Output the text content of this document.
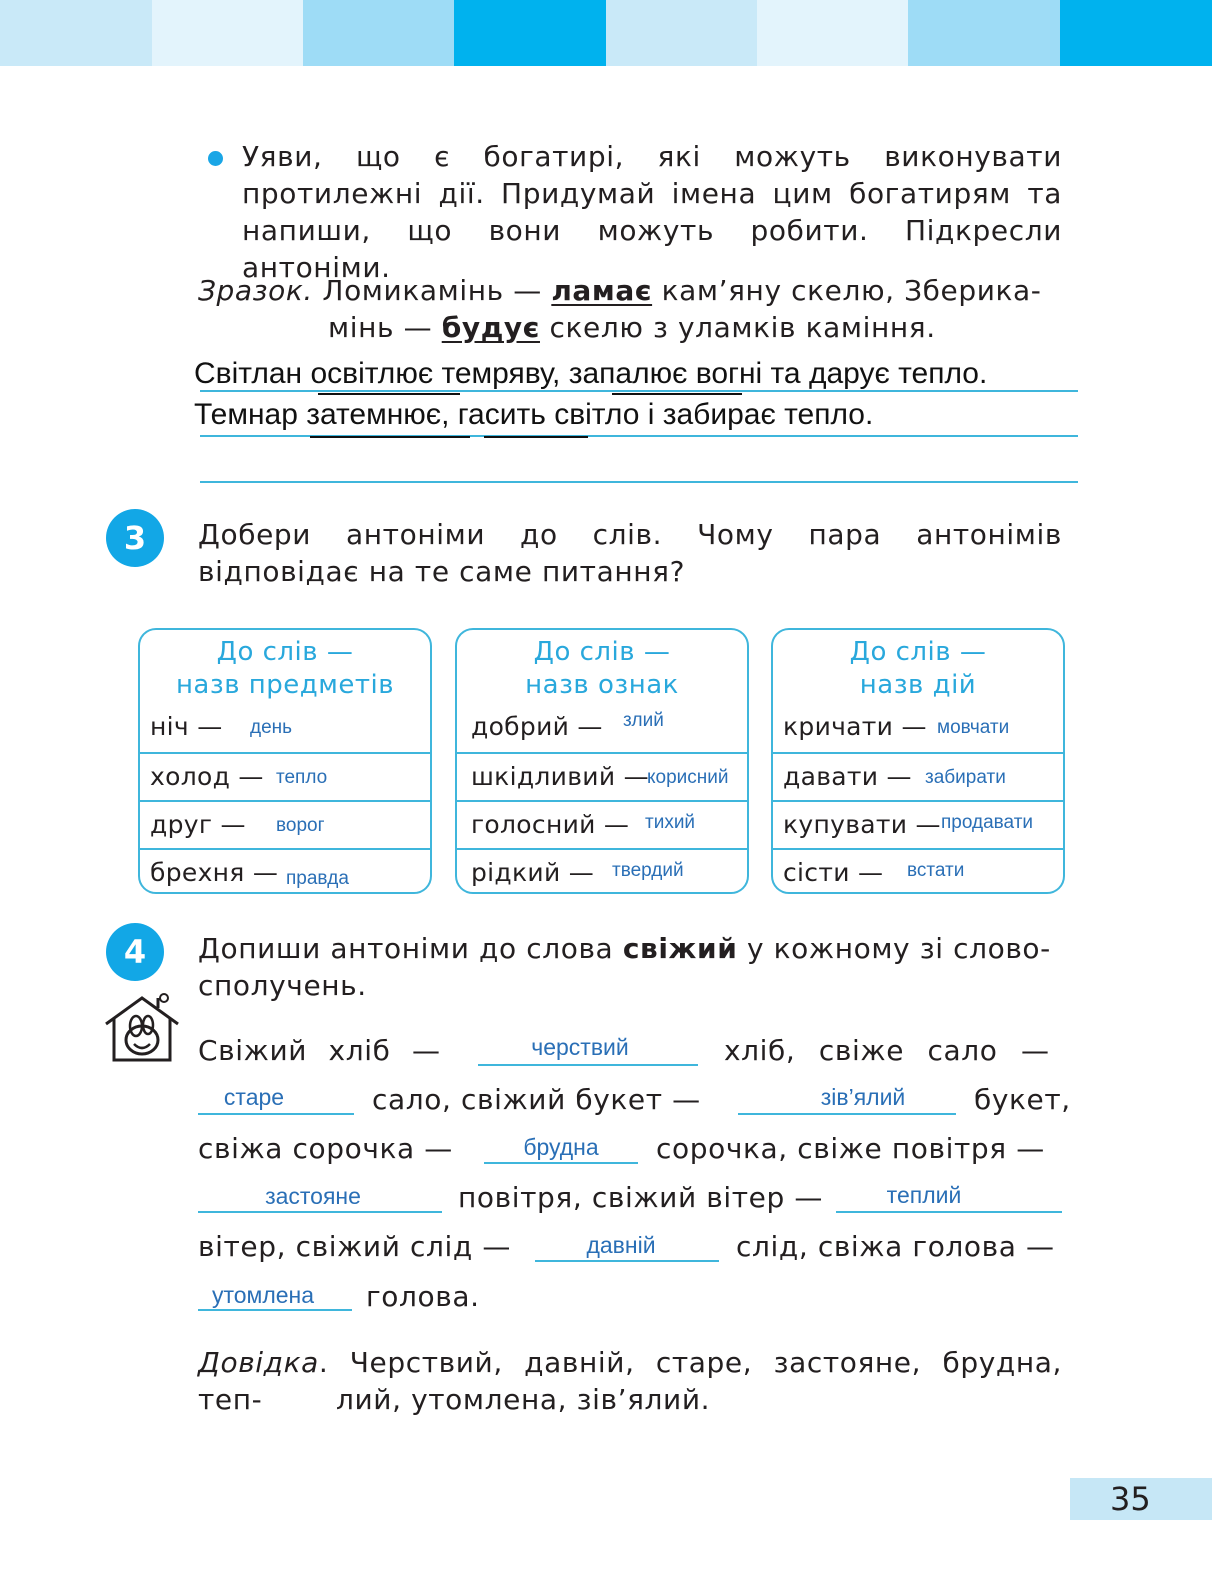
Уяви, що є богатирі, які можуть виконувати протилежні дії. Придумай імена цим богатирям та напиши, що вони можуть робити. Підкресли антоніми.
Зразок. Ломикамінь — ламає кам’яну скелю, Зберика-
мінь — будує скелю з уламків каміння.
Світлан освітлює темряву, запалює вогні та дарує тепло.
Темнар затемнює, гасить світло і забирає тепло.
3 Добери антоніми до слів. Чому пара антонімів відповідає на те саме питання?
До слів —
назв предметів
ніч — день
холод — тепло
друг — ворог
брехня — правда
До слів —
назв ознак
добрий — злий
шкідливий —
корисний
голосний — тихий
рідкий — твердий
До слів —
назв дій
кричати — мовчати
давати — забирати
купувати — продавати
сісти — встати
4 Допиши антоніми до слова свіжий у кожному зі слово-
сполучень.
Свіжий хліб —	черствий	хліб, свіже сало —
старе	сало, свіжий букет —	зів’ялий	букет,
свіжа сорочка —	брудна	сорочка, свіже повітря —
застояне	повітря, свіжий вітер —	теплий
вітер, свіжий слід —	давній	слід, свіжа голова —
утомлена	голова.
Довідка. Черствий, давній, старе, застояне, брудна, теп-	лий, утомлена, зів’ялий.
35
